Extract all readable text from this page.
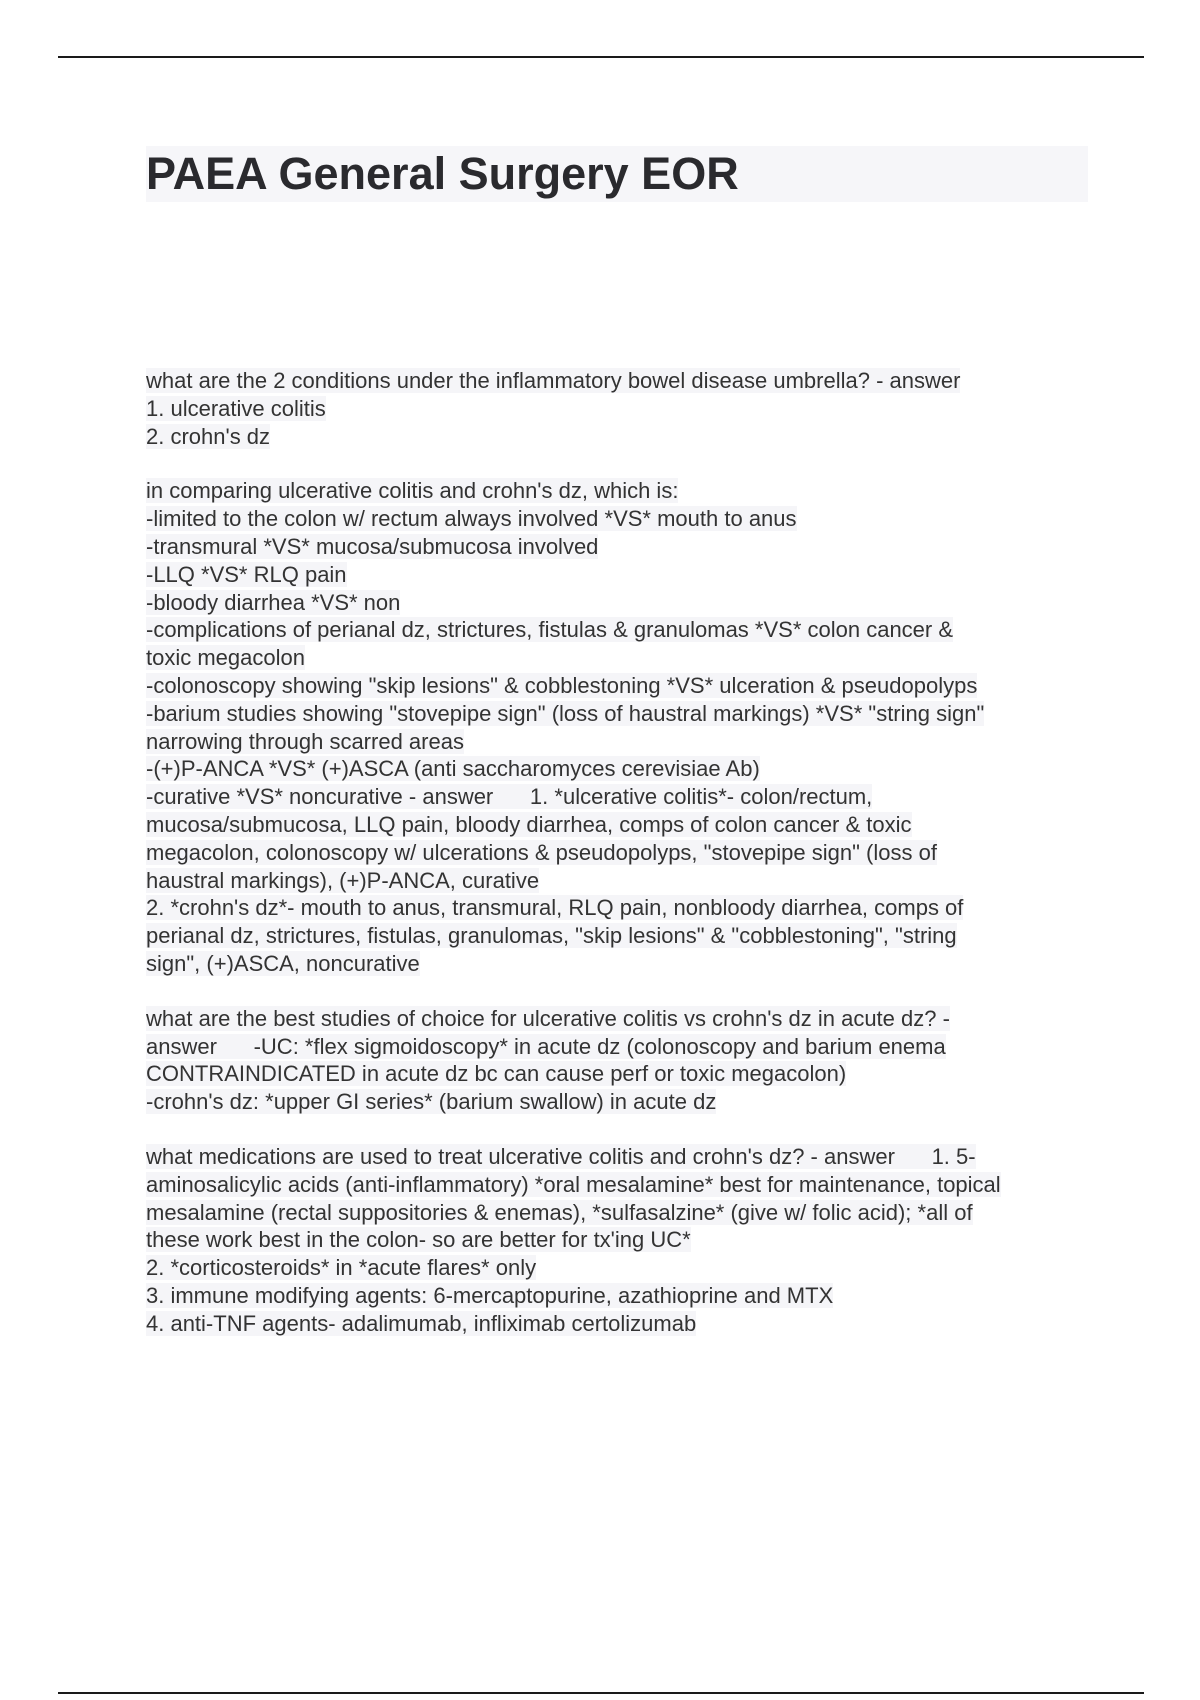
PAEA General Surgery EOR
what are the 2 conditions under the inflammatory bowel disease umbrella? - answer
1. ulcerative colitis
2. crohn's dz
in comparing ulcerative colitis and crohn's dz, which is:
-limited to the colon w/ rectum always involved *VS* mouth to anus
-transmural *VS* mucosa/submucosa involved
-LLQ *VS* RLQ pain
-bloody diarrhea *VS* non
-complications of perianal dz, strictures, fistulas & granulomas *VS* colon cancer &
toxic megacolon
-colonoscopy showing "skip lesions" & cobblestoning *VS* ulceration & pseudopolyps
-barium studies showing "stovepipe sign" (loss of haustral markings) *VS* "string sign"
narrowing through scarred areas
-(+)P-ANCA *VS* (+)ASCA (anti saccharomyces cerevisiae Ab)
-curative *VS* noncurative - answer      1. *ulcerative colitis*- colon/rectum,
mucosa/submucosa, LLQ pain, bloody diarrhea, comps of colon cancer & toxic
megacolon, colonoscopy w/ ulcerations & pseudopolyps, "stovepipe sign" (loss of
haustral markings), (+)P-ANCA, curative
2. *crohn's dz*- mouth to anus, transmural, RLQ pain, nonbloody diarrhea, comps of
perianal dz, strictures, fistulas, granulomas, "skip lesions" & "cobblestoning", "string
sign", (+)ASCA, noncurative
what are the best studies of choice for ulcerative colitis vs crohn's dz in acute dz? -
answer      -UC: *flex sigmoidoscopy* in acute dz (colonoscopy and barium enema
CONTRAINDICATED in acute dz bc can cause perf or toxic megacolon)
-crohn's dz: *upper GI series* (barium swallow) in acute dz
what medications are used to treat ulcerative colitis and crohn's dz? - answer      1. 5-
aminosalicylic acids (anti-inflammatory) *oral mesalamine* best for maintenance, topical
mesalamine (rectal suppositories & enemas), *sulfasalzine* (give w/ folic acid); *all of
these work best in the colon- so are better for tx'ing UC*
2. *corticosteroids* in *acute flares* only
3. immune modifying agents: 6-mercaptopurine, azathioprine and MTX
4. anti-TNF agents- adalimumab, infliximab certolizumab
